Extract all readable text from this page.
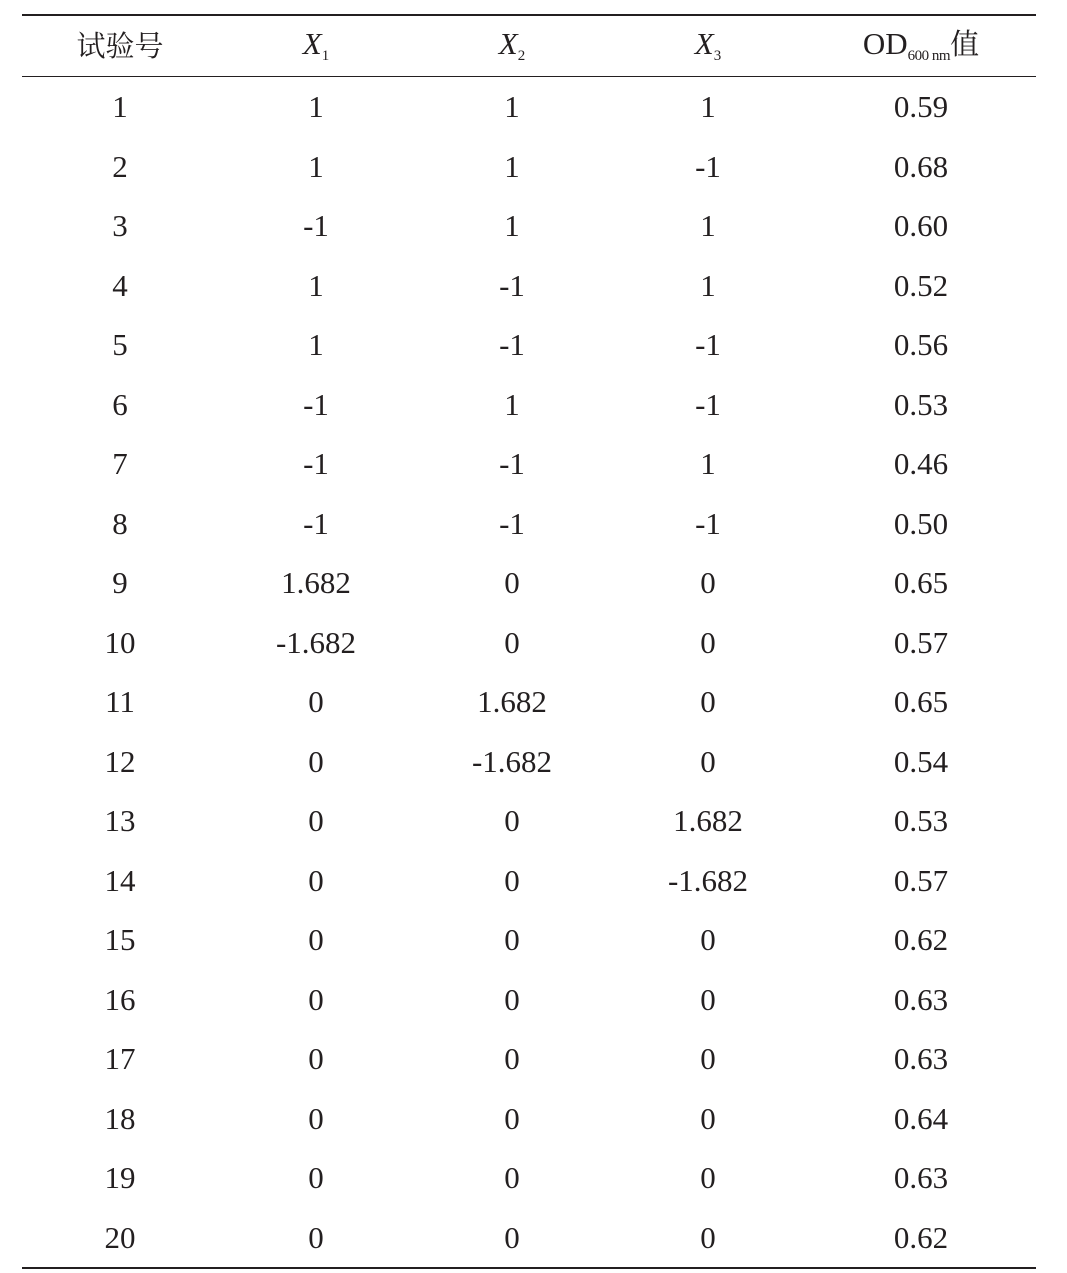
试验号	$X_1$	$X_2$	$X_3$	OD600 nm值
1	1	1	1	0.59
2	1	1	-1	0.68
3	-1	1	1	0.60
4	1	-1	1	0.52
5	1	-1	-1	0.56
6	-1	1	-1	0.53
7	-1	-1	1	0.46
8	-1	-1	-1	0.50
9	1.682	0	0	0.65
10	-1.682	0	0	0.57
11	0	1.682	0	0.65
12	0	-1.682	0	0.54
13	0	0	1.682	0.53
14	0	0	-1.682	0.57
15	0	0	0	0.62
16	0	0	0	0.63
17	0	0	0	0.63
18	0	0	0	0.64
19	0	0	0	0.63
20	0	0	0	0.62
